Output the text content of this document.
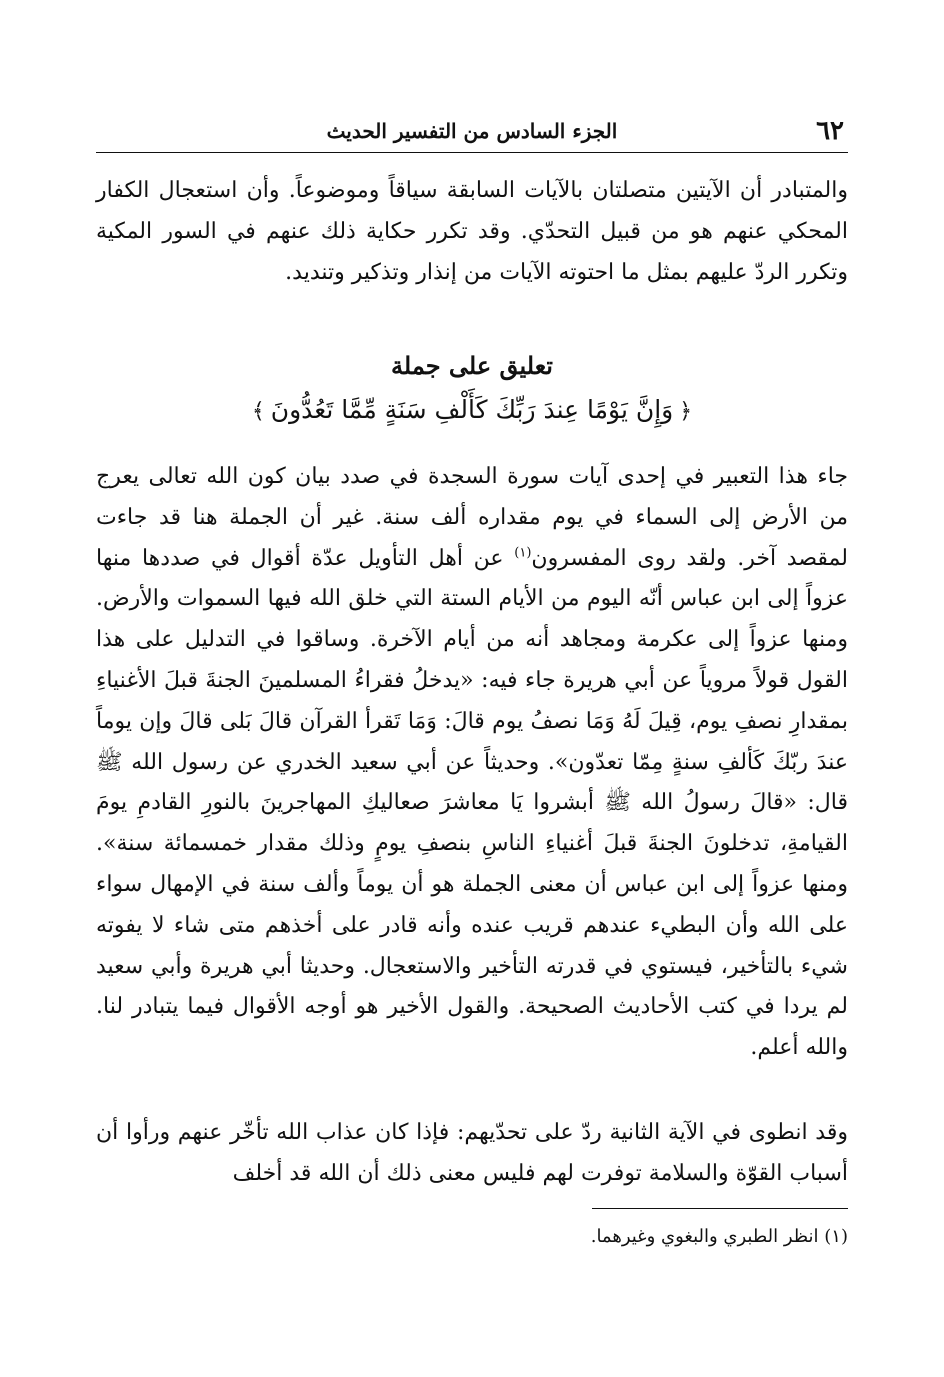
٦٢
الجزء السادس من التفسير الحديث

والمتبادر أن الآيتين متصلتان بالآيات السابقة سياقاً وموضوعاً. وأن استعجال الكفار المحكي عنهم هو من قبيل التحدّي. وقد تكرر حكاية ذلك عنهم في السور المكية وتكرر الردّ عليهم بمثل ما احتوته الآيات من إنذار وتذكير وتنديد.

تعليق على جملة
﴿وَإِنَّ يَوْمًا عِندَ رَبِّكَ كَأَلْفِ سَنَةٍ مِّمَّا تَعُدُّونَ﴾

جاء هذا التعبير في إحدى آيات سورة السجدة في صدد بيان كون الله تعالى يعرج من الأرض إلى السماء في يوم مقداره ألف سنة. غير أن الجملة هنا قد جاءت لمقصد آخر. ولقد روى المفسرون$^{(١)}$ عن أهل التأويل عدّة أقوال في صددها منها عزواً إلى ابن عباس أنّه اليوم من الأيام الستة التي خلق الله فيها السموات والأرض. ومنها عزواً إلى عكرمة ومجاهد أنه من أيام الآخرة. وساقوا في التدليل على هذا القول قولاً مروياً عن أبي هريرة جاء فيه: «يدخلُ فقراءُ المسلمينَ الجنةَ قبلَ الأغنياءِ بمقدارِ نصفِ يوم، قِيلَ لَهُ وَمَا نصفُ يوم قالَ: وَمَا تَقرأ القرآن قالَ بَلى قالَ وإن يوماً عندَ ربّكَ كَألفِ سنةٍ مِمّا تعدّون». وحديثاً عن أبي سعيد الخدري عن رسول الله ﷺ قال: «قالَ رسولُ الله ﷺ أبشروا يَا معاشرَ صعاليكِ المهاجرينَ بالنورِ القادمِ يومَ القيامةِ، تدخلونَ الجنةَ قبلَ أغنياءِ الناسِ بنصفِ يومٍ وذلك مقدار خمسمائة سنة». ومنها عزواً إلى ابن عباس أن معنى الجملة هو أن يوماً وألف سنة في الإمهال سواء على الله وأن البطيء عندهم قريب عنده وأنه قادر على أخذهم متى شاء لا يفوته شيء بالتأخير، فيستوي في قدرته التأخير والاستعجال. وحديثا أبي هريرة وأبي سعيد لم يردا في كتب الأحاديث الصحيحة. والقول الأخير هو أوجه الأقوال فيما يتبادر لنا. والله أعلم.

وقد انطوى في الآية الثانية ردّ على تحدّيهم: فإذا كان عذاب الله تأخّر عنهم ورأوا أن أسباب القوّة والسلامة توفرت لهم فليس معنى ذلك أن الله قد أخلف

(١) انظر الطبري والبغوي وغيرهما.
